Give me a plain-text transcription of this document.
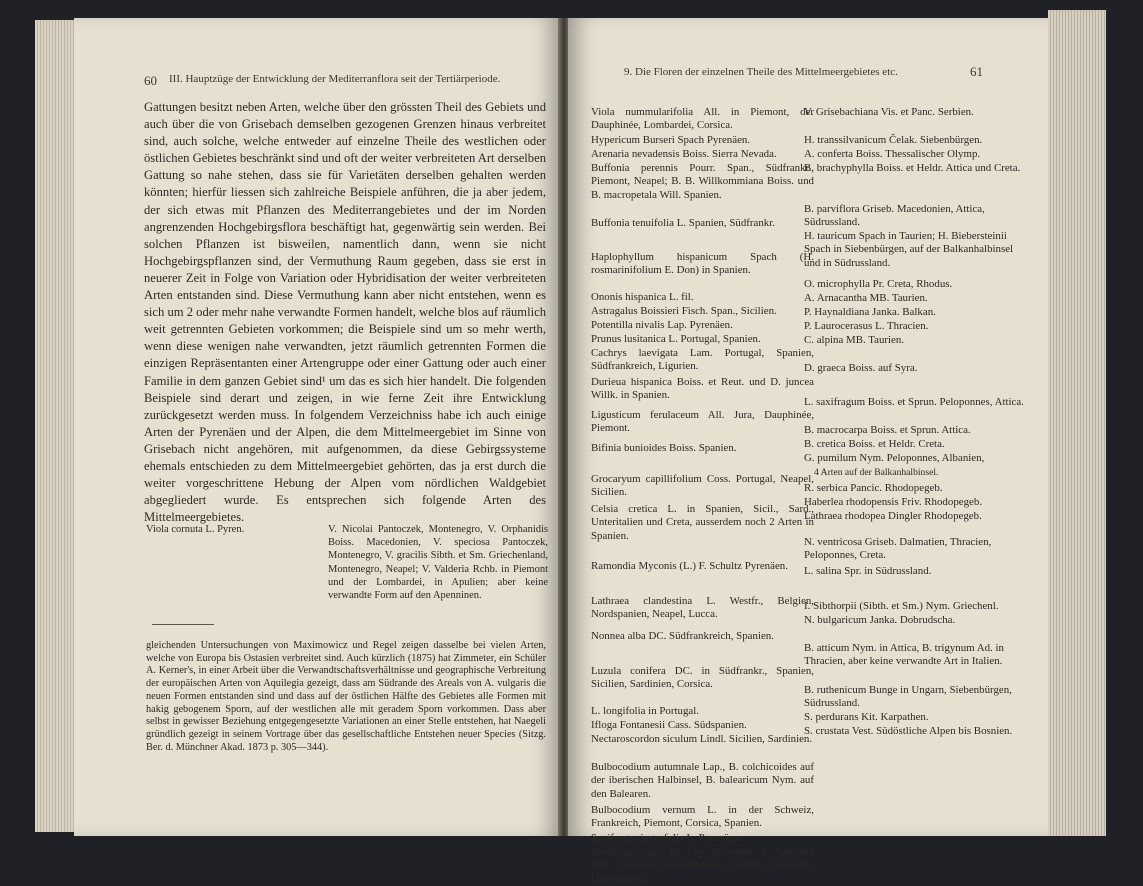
60 III. Hauptzüge der Entwicklung der Mediterranflora seit der Tertiärperiode.

Gattungen besitzt neben Arten, welche über den grössten Theil des Gebiets und auch über die von Grisebach demselben gezogenen Grenzen hinaus verbreitet sind, auch solche, welche entweder auf einzelne Theile des westlichen oder östlichen Gebietes beschränkt sind und oft der weiter verbreiteten Art derselben Gattung so nahe stehen, dass sie für Varietäten derselben gehalten werden könnten; hierfür liessen sich zahlreiche Beispiele anführen, die ja aber jedem, der sich etwas mit Pflanzen des Mediterrangebietes und der im Norden angrenzenden Hochgebirgsflora beschäftigt hat, gegenwärtig sein werden. Bei solchen Pflanzen ist bisweilen, namentlich dann, wenn sie nicht Hochgebirgspflanzen sind, der Vermuthung Raum gegeben, dass sie erst in neuerer Zeit in Folge von Variation oder Hybridisation der weiter verbreiteten Arten entstanden sind. Diese Vermuthung kann aber nicht entstehen, wenn es sich um 2 oder mehr nahe verwandte Formen handelt, welche blos auf räumlich weit getrennten Gebieten vorkommen; die Beispiele sind um so mehr werth, wenn diese wenigen nahe verwandten, jetzt räumlich getrennten Formen die einzigen Repräsentanten einer Artengruppe oder einer Gattung oder auch einer Familie in dem ganzen Gebiet sind¹ um das es sich hier handelt. Die folgenden Beispiele sind derart und zeigen, in wie ferne Zeit ihre Entwicklung zurückgesetzt werden muss. In folgendem Verzeichniss habe ich auch einige Arten der Pyrenäen und der Alpen, die dem Mittelmeergebiet im Sinne von Grisebach nicht angehören, mit aufgenommen, da diese Gebirgssysteme ehemals entschieden zu dem Mittelmeergebiet gehörten, das ja erst durch die weiter vorgeschrittene Hebung der Alpen vom nördlichen Waldgebiet abgegliedert wurde. Es entsprechen sich folgende Arten des Mittelmeergebietes.

Viola cornuta L. Pyren.	V. Nicolai Pantoczek, Montenegro, V. Orphanidis Boiss. Macedonien, V. speciosa Pantoczek, Montenegro, V. gracilis Sibth. et Sm. Griechenland, Montenegro, Neapel; V. Valderia Rchb. in Piemont und der Lombardei, in Apulien; aber keine verwandte Form auf den Apenninen.

gleichenden Untersuchungen von Maximowicz und Regel zeigen dasselbe bei vielen Arten, welche von Europa bis Ostasien verbreitet sind. Auch kürzlich (1875) hat Zimmeter, ein Schüler A. Kerner's, in einer Arbeit über die Verwandtschaftsverhältnisse und geographische Verbreitung der europäischen Arten von Aquilegia gezeigt, dass am Südrande des Areals von A. vulgaris die neuen Formen entstanden sind und dass auf der östlichen Hälfte des Gebietes alle Formen mit hakig gebogenem Sporn, auf der westlichen alle mit geradem Sporn vorkommen. Dass aber selbst in gewisser Beziehung entgegengesetzte Variationen an einer Stelle entstehen, hat Naegeli gründlich gezeigt in seinem Vortrage über das gesellschaftliche Entstehen neuer Species (Sitzg. Ber. d. Münchner Akad. 1873 p. 305—344).

9. Die Floren der einzelnen Theile des Mittelmeergebietes etc.	61
Viola nummularifolia All. in Piemont, der Dauphinée, Lombardei, Corsica.
Hypericum Burseri Spach Pyrenäen.
Arenaria nevadensis Boiss. Sierra Nevada.
Buffonia perennis Pourr. Span., Südfrankr., Piemont, Neapel; B. B. Willkommiana Boiss. und B. macropetala Will. Spanien.
Buffonia tenuifolia L. Spanien, Südfrankr.
Haplophyllum hispanicum Spach (H. rosmarinifolium E. Don) in Spanien.
Ononis hispanica L. fil.
Astragalus Boissieri Fisch. Span., Sicilien.
Potentilla nivalis Lap. Pyrenäen.
Prunus lusitanica L. Portugal, Spanien.
Cachrys laevigata Lam. Portugal, Spanien, Südfrankreich, Ligurien.
Durieua hispanica Boiss. et Reut. und D. juncea Willk. in Spanien.
Ligusticum ferulaceum All. Jura, Dauphinée, Piemont.
Bifinia bunioides Boiss. Spanien.
Grocaryum capillifolium Coss. Portugal, Neapel, Sicilien.
Celsia cretica L. in Spanien, Sicil., Sard., Unteritalien und Creta, ausserdem noch 2 Arten in Spanien.
Ramondia Myconis (L.) F. Schultz Pyrenäen.
Lathraea clandestina L. Westfr., Belgien, Nordspanien, Neapel, Lucca.
Nonnea alba DC. Südfrankreich, Spanien.
Luzula conifera DC. in Südfrankr., Spanien, Sicilien, Sardinien, Corsica.
L. longifolia in Portugal.
Ifloga Fontanesii Cass. Südspanien.
Nectaroscordon siculum Lindl. Sicilien, Sardinien.
Bulbocodium autumnale Lap., B. colchicoides auf der iberischen Halbinsel, B. balearicum Nym. auf den Balearen.
Bulbocodium vernum L. in der Schweiz, Frankreich, Piemont, Corsica, Spanien.
Saxifraga ajugaefolia L. Pyrenäen.
Saxifraga longifolia Lap. Pyrenäen, S. lingulata Bell. Ligurien, Südfrankreich, Sicilien, Sardinien, Unteritalien.
V. Grisebachiana Vis. et Panc. Serbien.
H. transsilvanicum Čelak. Siebenbürgen.
A. conferta Boiss. Thessalischer Olymp.
B. brachyphylla Boiss. et Heldr. Attica und Creta.
B. parviflora Griseb. Macedonien, Attica, Südrussland.
H. tauricum Spach in Taurien; H. Biebersteinii Spach in Siebenbürgen, auf der Balkanhalbinsel und in Südrussland.
O. microphylla Pr. Creta, Rhodus.
A. Arnacantha MB. Taurien.
P. Haynaldiana Janka. Balkan.
P. Laurocerasus L. Thracien.
C. alpina MB. Taurien.
D. graeca Boiss. auf Syra.
L. saxifragum Boiss. et Sprun. Peloponnes, Attica.
B. macrocarpa Boiss. et Sprun. Attica.
B. cretica Boiss. et Heldr. Creta.
G. pumilum Nym. Peloponnes, Albanien,
4 Arten auf der Balkanhalbinsel.
R. serbica Pancic. Rhodopegeb.
Haberlea rhodopensis Friv. Rhodopegeb.
Lathraea rhodopea Dingler Rhodopegeb.
N. ventricosa Griseb. Dalmatien, Thracien, Peloponnes, Creta.
L. salina Spr. in Südrussland.
I. Sibthorpii (Sibth. et Sm.) Nym. Griechenl.
N. bulgaricum Janka. Dobrudscha.
B. atticum Nym. in Attica, B. trigynum Ad. in Thracien, aber keine verwandte Art in Italien.
B. ruthenicum Bunge in Ungarn, Siebenbürgen, Südrussland.
S. perdurans Kit. Karpathen.
S. crustata Vest. Südöstliche Alpen bis Bosnien.
